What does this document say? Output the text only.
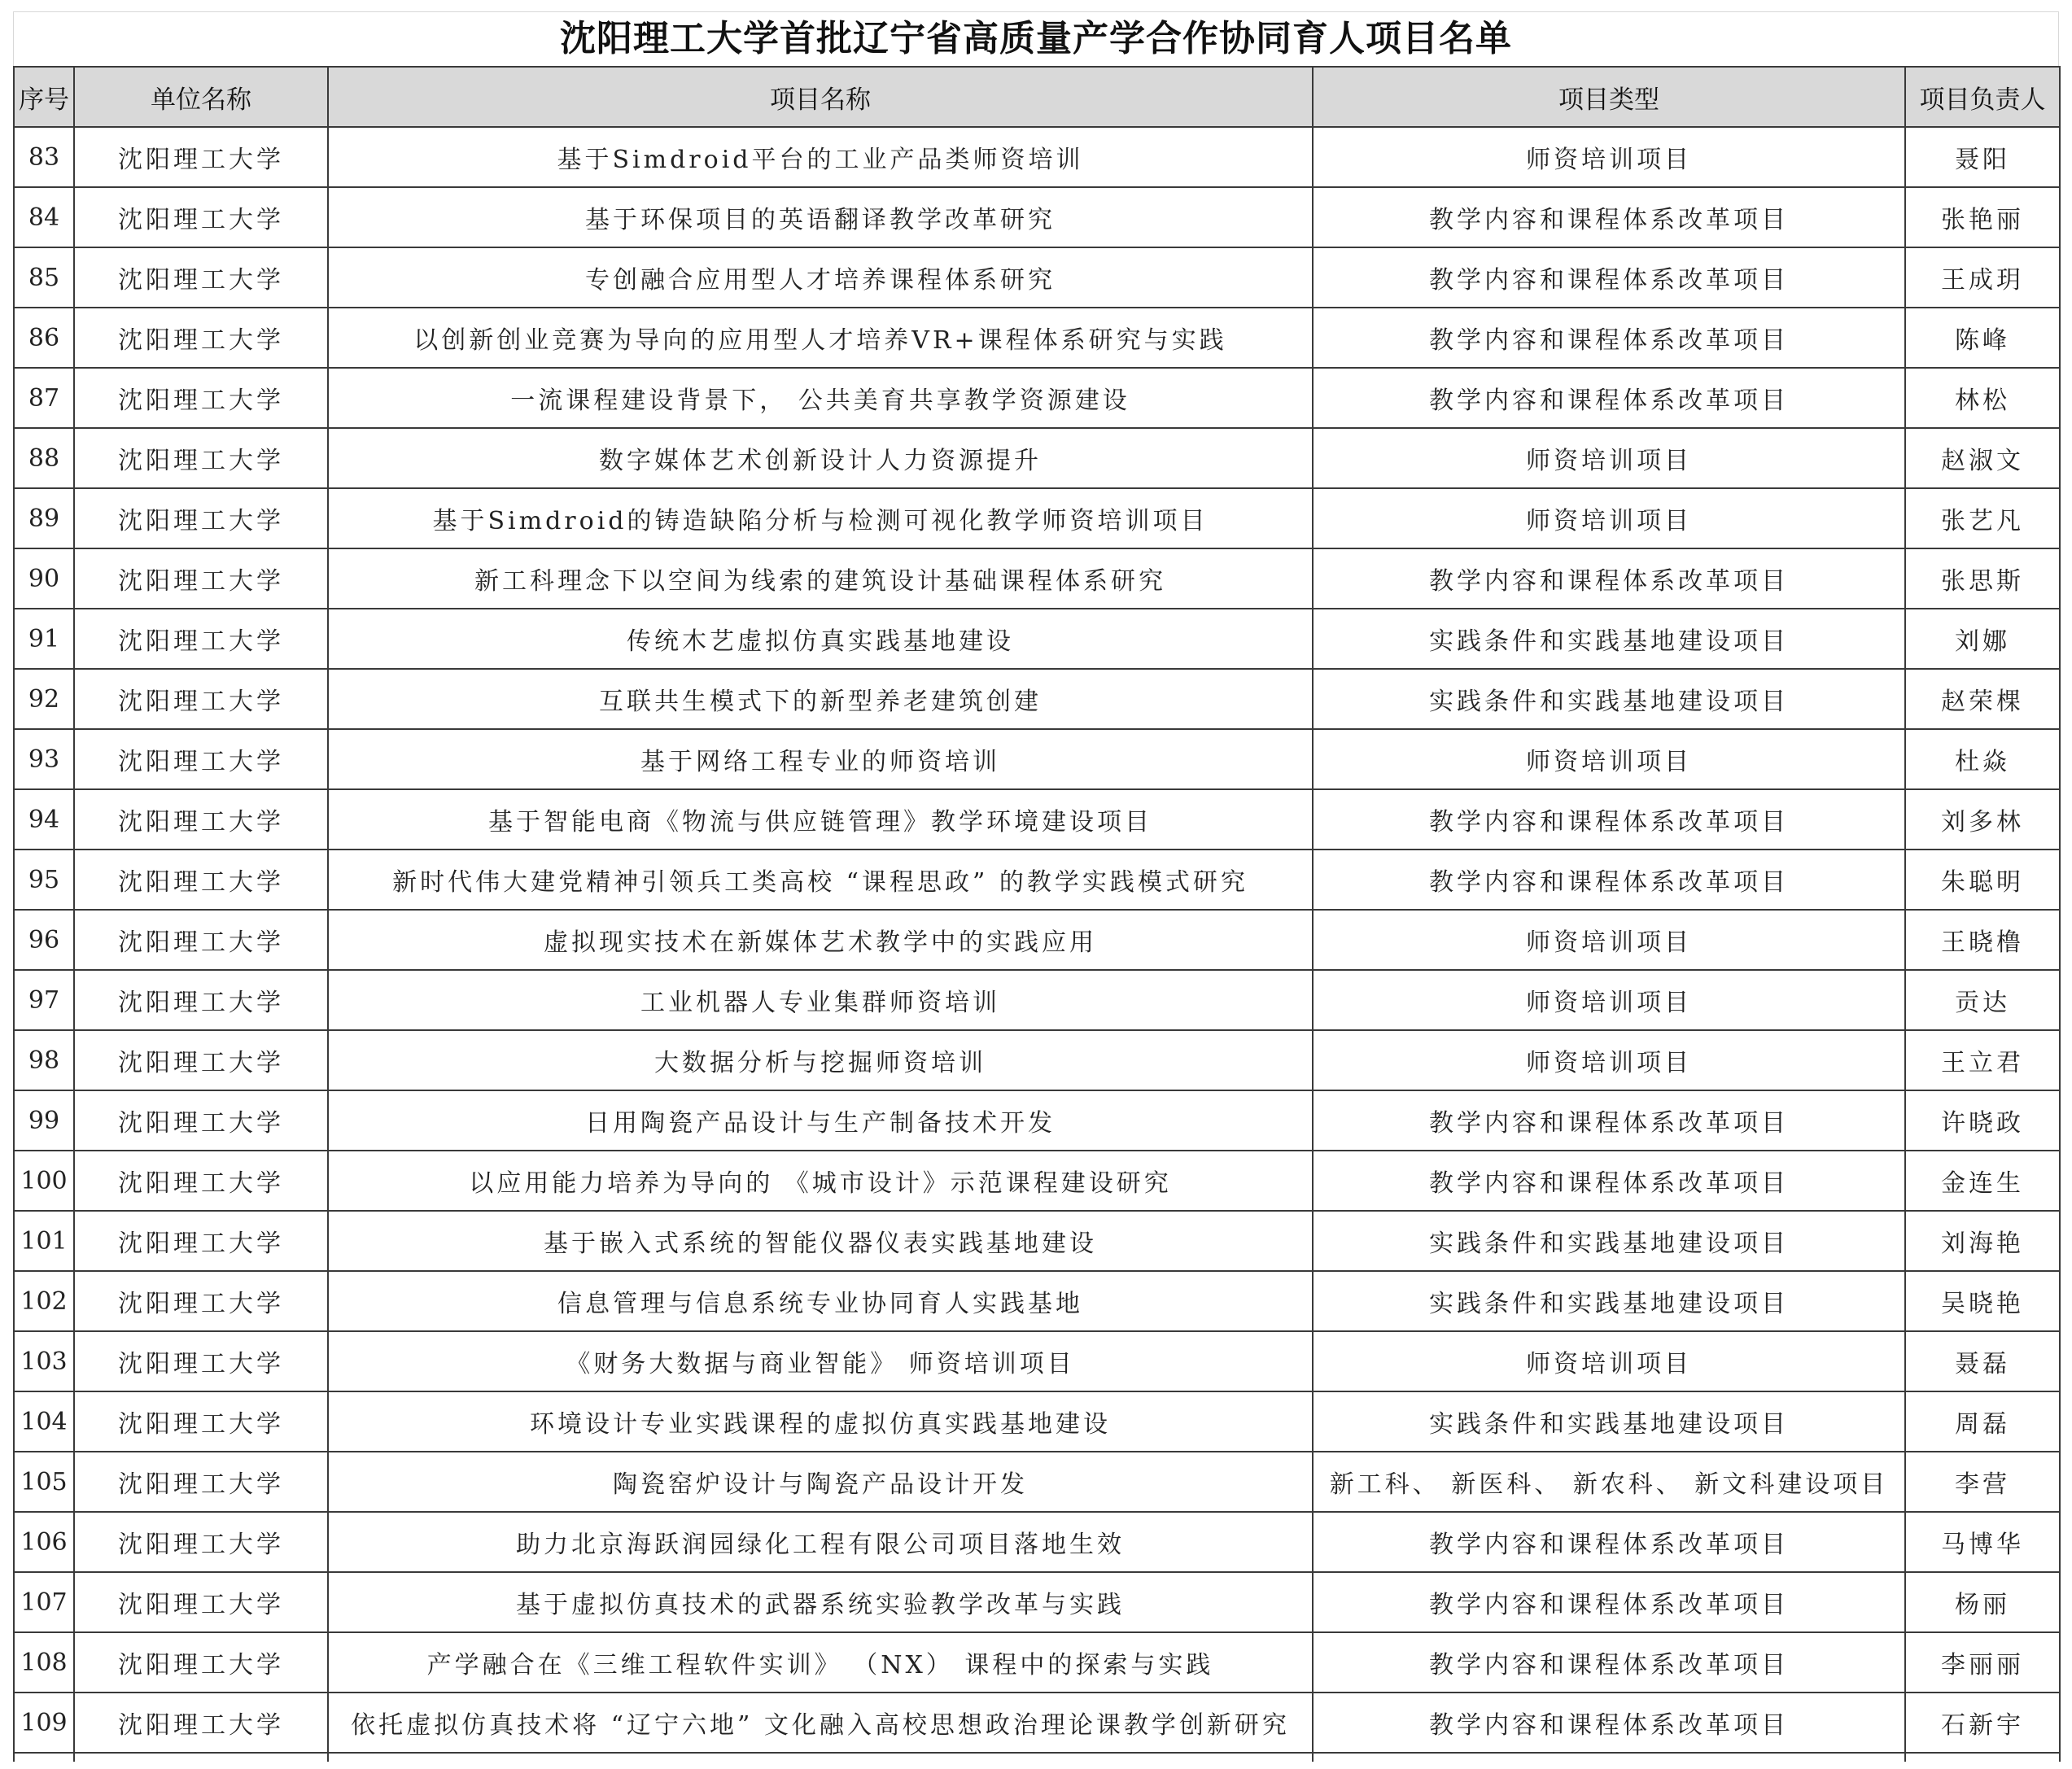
沈阳理工大学首批辽宁省高质量产学合作协同育人项目名单
序号	单位名称	项目名称	项目类型	项目负责人
83	沈阳理工大学	基于Simdroid平台的工业产品类师资培训	师资培训项目	聂阳
84	沈阳理工大学	基于环保项目的英语翻译教学改革研究	教学内容和课程体系改革项目	张艳丽
85	沈阳理工大学	专创融合应用型人才培养课程体系研究	教学内容和课程体系改革项目	王成玥
86	沈阳理工大学	以创新创业竞赛为导向的应用型人才培养VR+课程体系研究与实践	教学内容和课程体系改革项目	陈峰
87	沈阳理工大学	一流课程建设背景下， 公共美育共享教学资源建设	教学内容和课程体系改革项目	林松
88	沈阳理工大学	数字媒体艺术创新设计人力资源提升	师资培训项目	赵淑文
89	沈阳理工大学	基于Simdroid的铸造缺陷分析与检测可视化教学师资培训项目	师资培训项目	张艺凡
90	沈阳理工大学	新工科理念下以空间为线索的建筑设计基础课程体系研究	教学内容和课程体系改革项目	张思斯
91	沈阳理工大学	传统木艺虚拟仿真实践基地建设	实践条件和实践基地建设项目	刘娜
92	沈阳理工大学	互联共生模式下的新型养老建筑创建	实践条件和实践基地建设项目	赵荣棵
93	沈阳理工大学	基于网络工程专业的师资培训	师资培训项目	杜焱
94	沈阳理工大学	基于智能电商《物流与供应链管理》教学环境建设项目	教学内容和课程体系改革项目	刘多林
95	沈阳理工大学	新时代伟大建党精神引领兵工类高校 “课程思政” 的教学实践模式研究	教学内容和课程体系改革项目	朱聪明
96	沈阳理工大学	虚拟现实技术在新媒体艺术教学中的实践应用	师资培训项目	王晓橹
97	沈阳理工大学	工业机器人专业集群师资培训	师资培训项目	贡达
98	沈阳理工大学	大数据分析与挖掘师资培训	师资培训项目	王立君
99	沈阳理工大学	日用陶瓷产品设计与生产制备技术开发	教学内容和课程体系改革项目	许晓政
100	沈阳理工大学	以应用能力培养为导向的 《城市设计》示范课程建设研究	教学内容和课程体系改革项目	金连生
101	沈阳理工大学	基于嵌入式系统的智能仪器仪表实践基地建设	实践条件和实践基地建设项目	刘海艳
102	沈阳理工大学	信息管理与信息系统专业协同育人实践基地	实践条件和实践基地建设项目	吴晓艳
103	沈阳理工大学	《财务大数据与商业智能》 师资培训项目	师资培训项目	聂磊
104	沈阳理工大学	环境设计专业实践课程的虚拟仿真实践基地建设	实践条件和实践基地建设项目	周磊
105	沈阳理工大学	陶瓷窑炉设计与陶瓷产品设计开发	新工科、 新医科、 新农科、 新文科建设项目	李营
106	沈阳理工大学	助力北京海跃润园绿化工程有限公司项目落地生效	教学内容和课程体系改革项目	马博华
107	沈阳理工大学	基于虚拟仿真技术的武器系统实验教学改革与实践	教学内容和课程体系改革项目	杨丽
108	沈阳理工大学	产学融合在《三维工程软件实训》 （NX） 课程中的探索与实践	教学内容和课程体系改革项目	李丽丽
109	沈阳理工大学	依托虚拟仿真技术将 “辽宁六地” 文化融入高校思想政治理论课教学创新研究	教学内容和课程体系改革项目	石新宇
